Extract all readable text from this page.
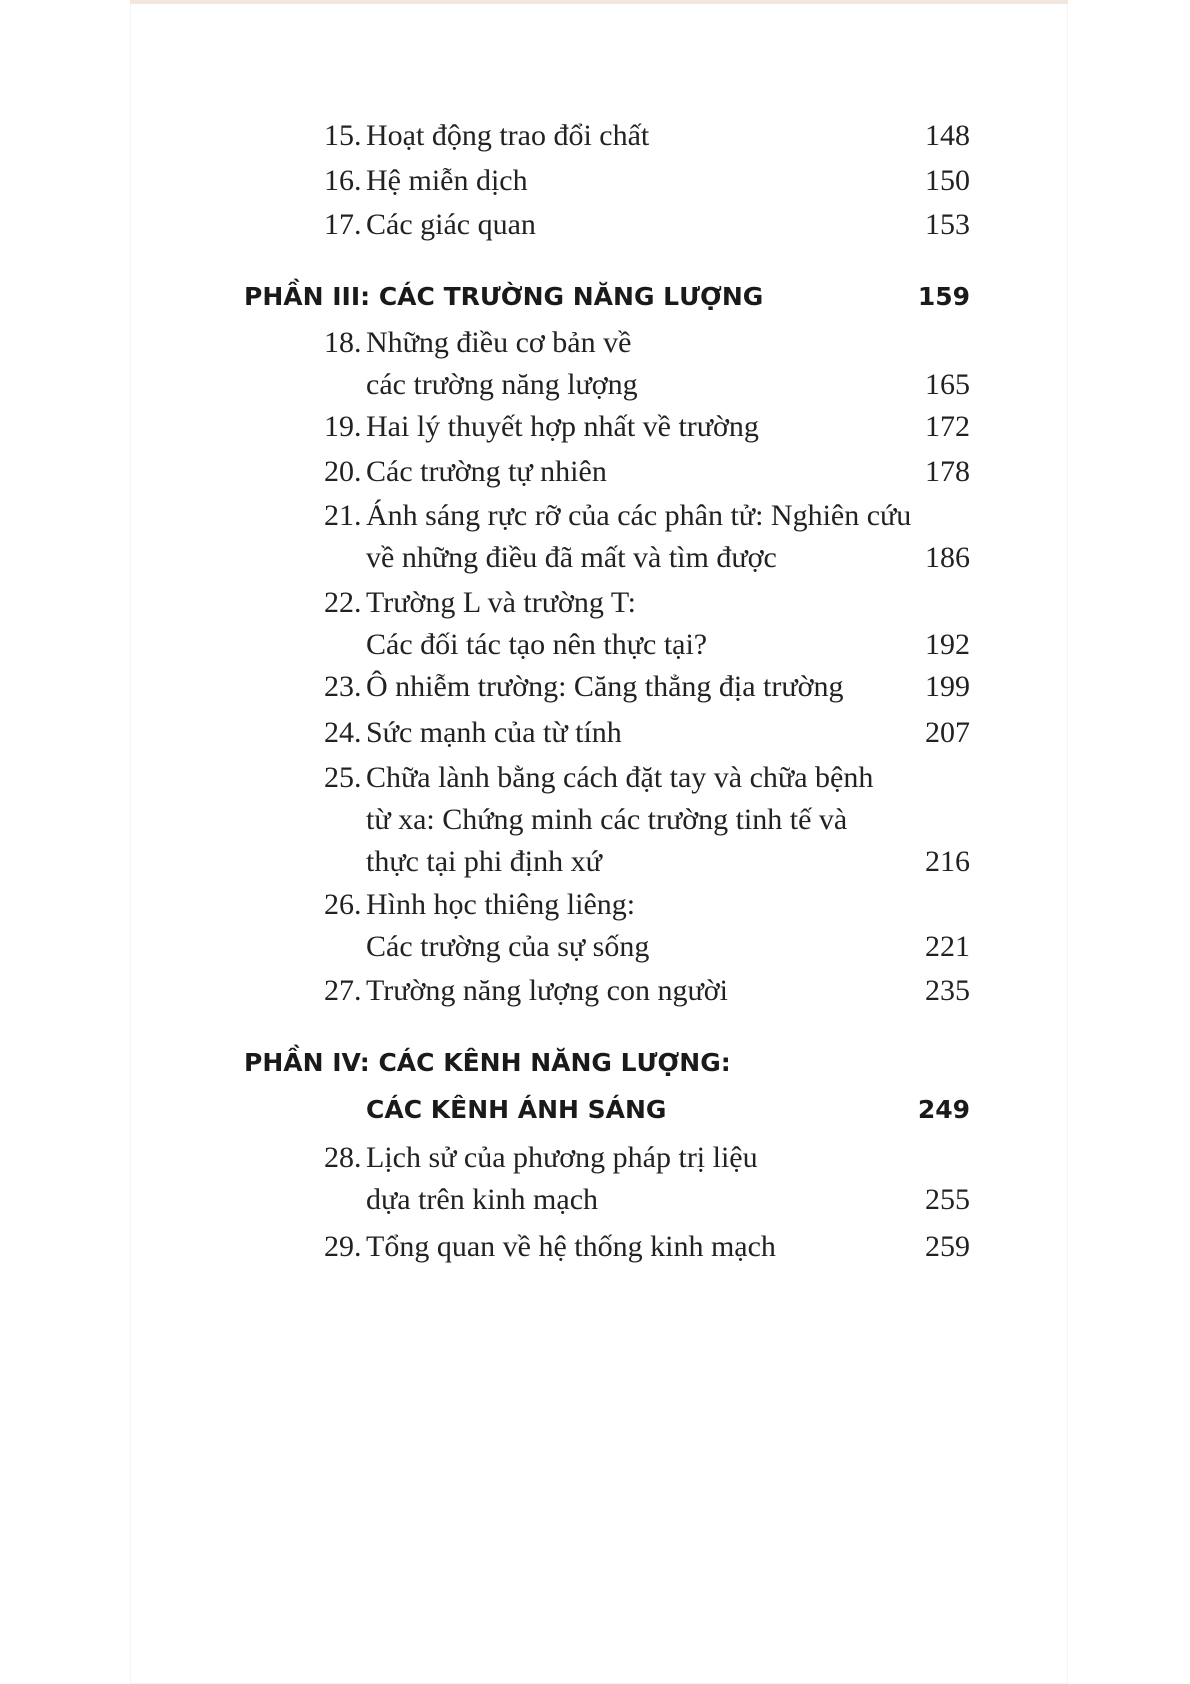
15. Hoạt động trao đổi chất	148
16. Hệ miễn dịch	150
17. Các giác quan	153
PHẦN III: CÁC TRƯỜNG NĂNG LƯỢNG	159
18. Những điều cơ bản về
các trường năng lượng	165
19. Hai lý thuyết hợp nhất về trường	172
20. Các trường tự nhiên	178
21. Ánh sáng rực rỡ của các phân tử: Nghiên cứu
về những điều đã mất và tìm được	186
22. Trường L và trường T:
Các đối tác tạo nên thực tại?	192
23. Ô nhiễm trường: Căng thẳng địa trường	199
24. Sức mạnh của từ tính	207
25. Chữa lành bằng cách đặt tay và chữa bệnh
từ xa: Chứng minh các trường tinh tế và
thực tại phi định xứ	216
26. Hình học thiêng liêng:
Các trường của sự sống	221
27. Trường năng lượng con người	235
PHẦN IV: CÁC KÊNH NĂNG LƯỢNG:
CÁC KÊNH ÁNH SÁNG	249
28. Lịch sử của phương pháp trị liệu
dựa trên kinh mạch	255
29. Tổng quan về hệ thống kinh mạch	259
